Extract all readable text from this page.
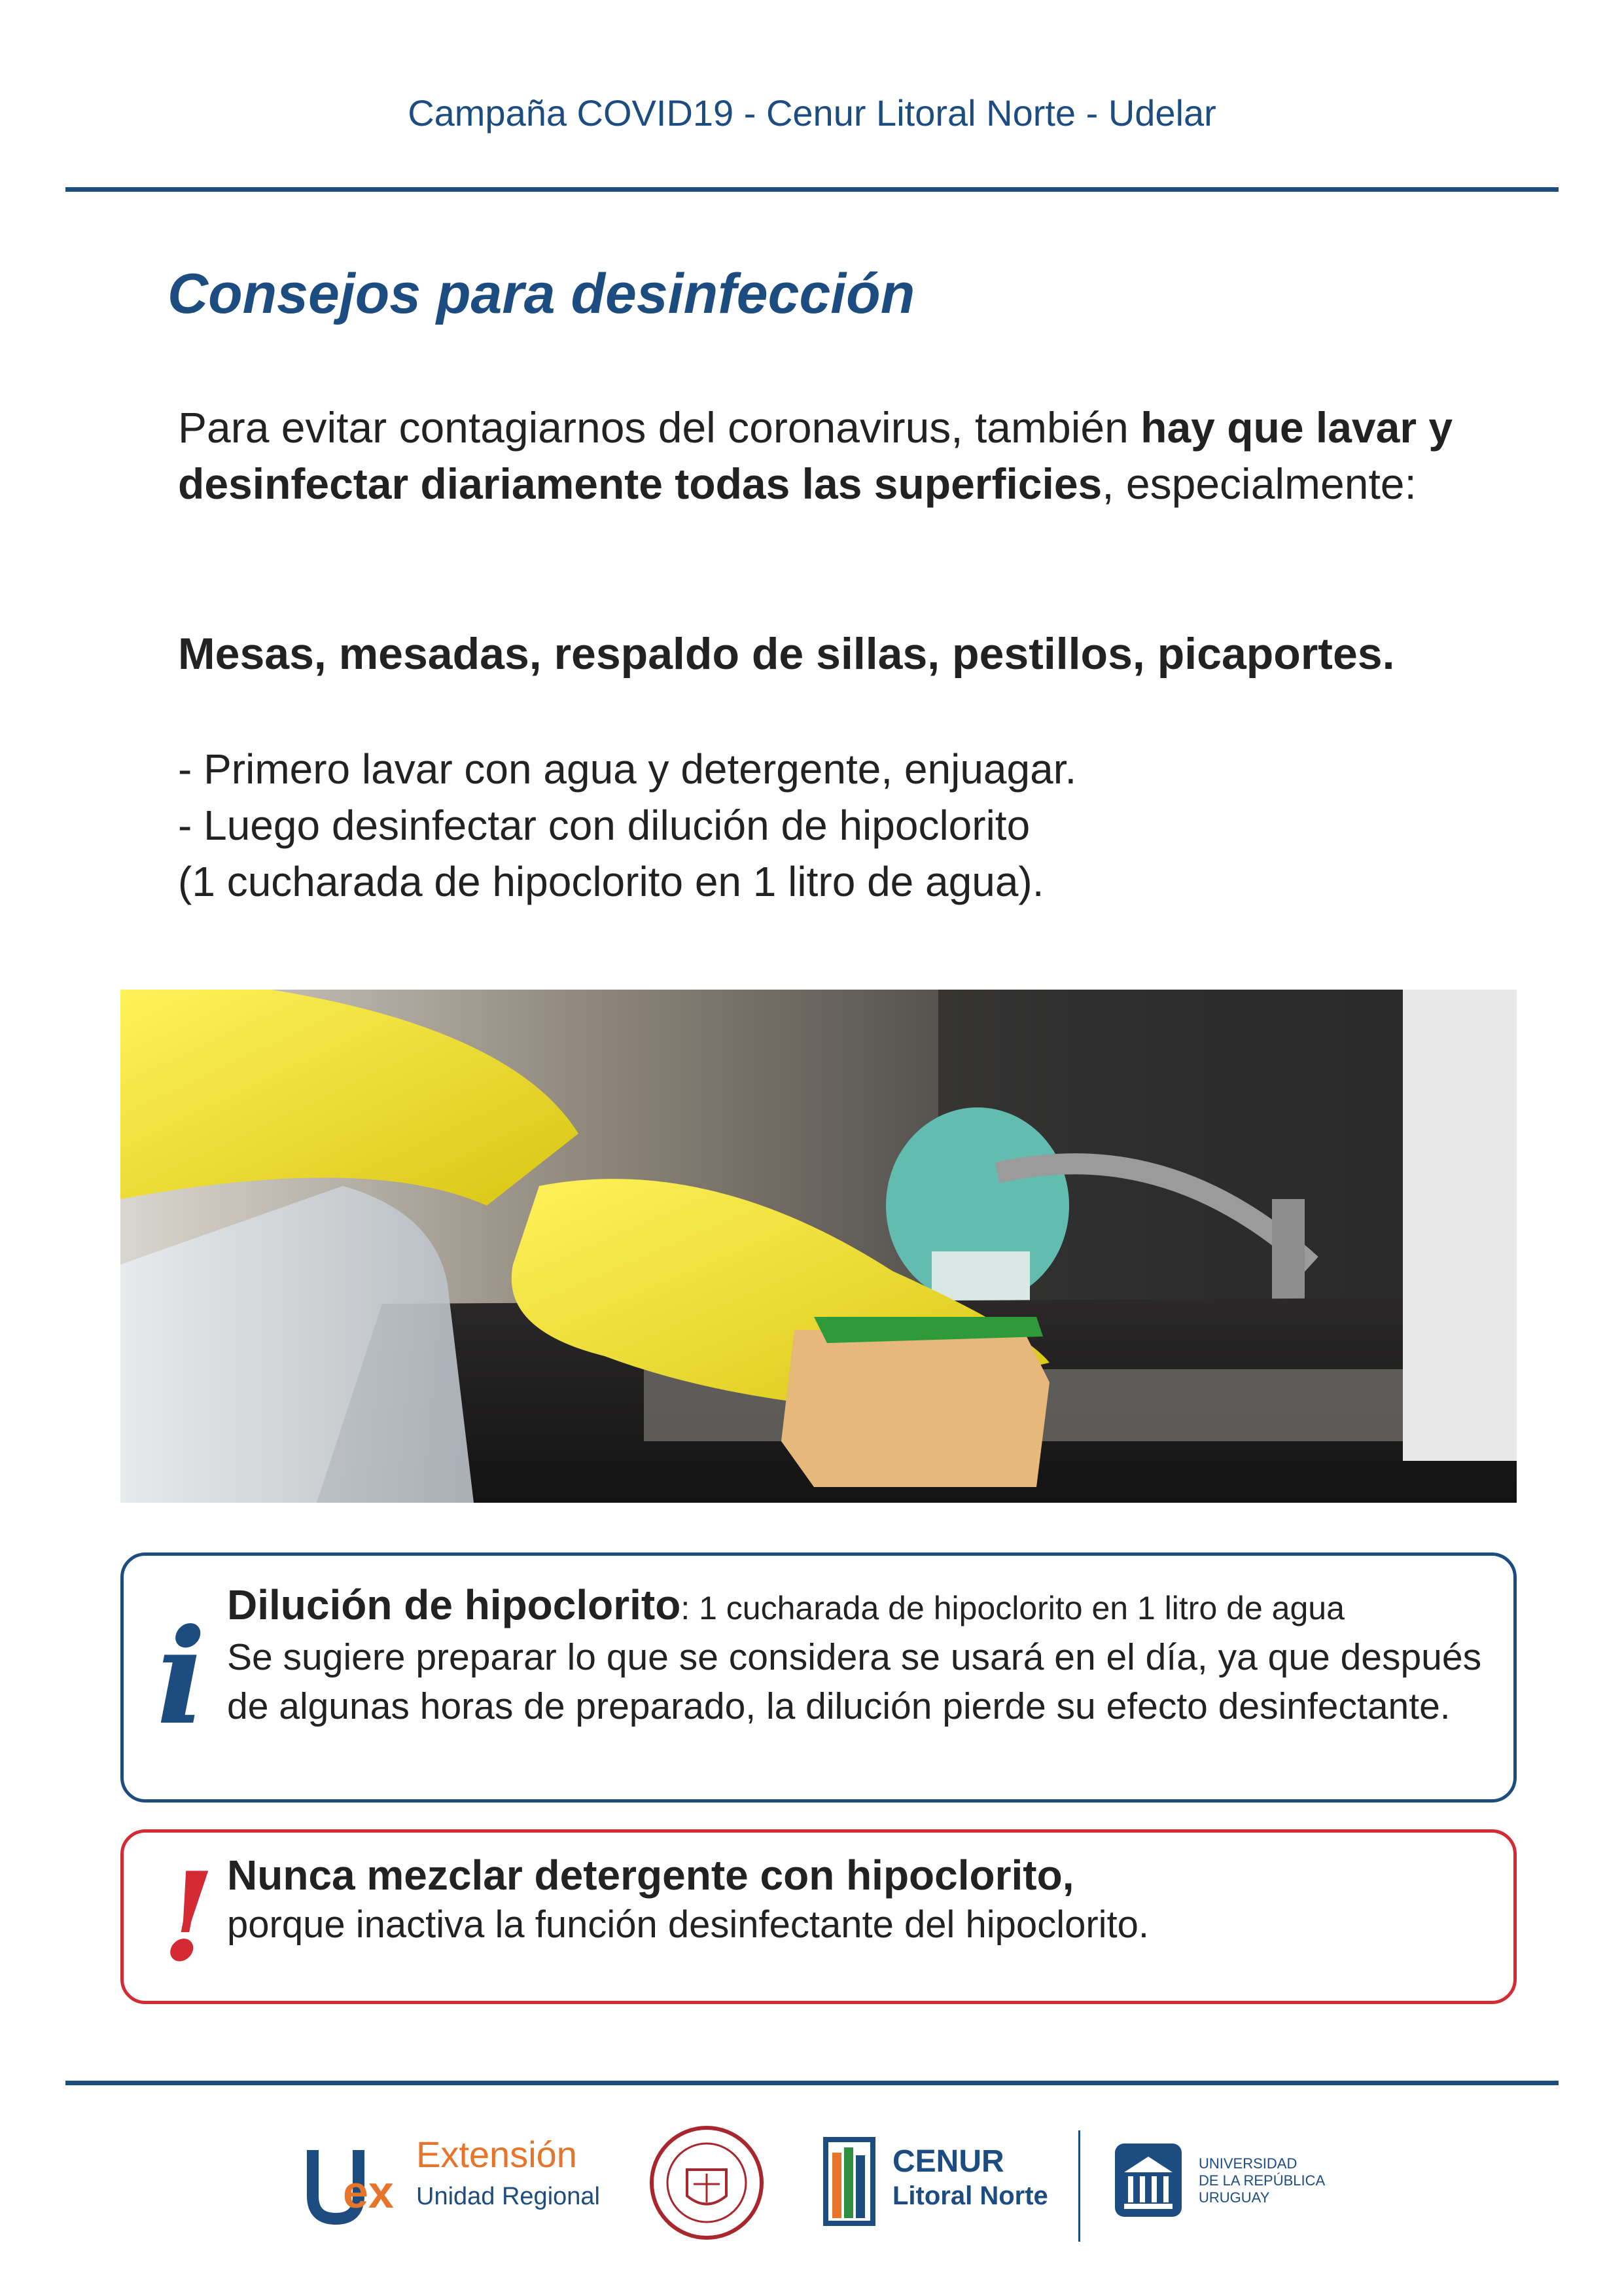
Campaña COVID19 - Cenur Litoral Norte - Udelar
Consejos para desinfección
Para evitar contagiarnos del coronavirus, también hay que lavar y desinfectar diariamente todas las superficies, especialmente:
Mesas, mesadas, respaldo de sillas, pestillos, picaportes.
- Primero lavar con agua y detergente, enjuagar.
- Luego desinfectar con dilución de hipoclorito
(1 cucharada de hipoclorito en 1 litro de agua).
i Dilución de hipoclorito: 1 cucharada de hipoclorito en 1 litro de agua
Se sugiere preparar lo que se considera se usará en el día, ya que después de algunas horas de preparado, la dilución pierde su efecto desinfectante.
! Nunca mezclar detergente con hipoclorito,
porque inactiva la función desinfectante del hipoclorito.
ex
Extensión
Unidad Regional
CENUR
Litoral Norte
UNIVERSIDAD
DE LA REPÚBLICA
URUGUAY
